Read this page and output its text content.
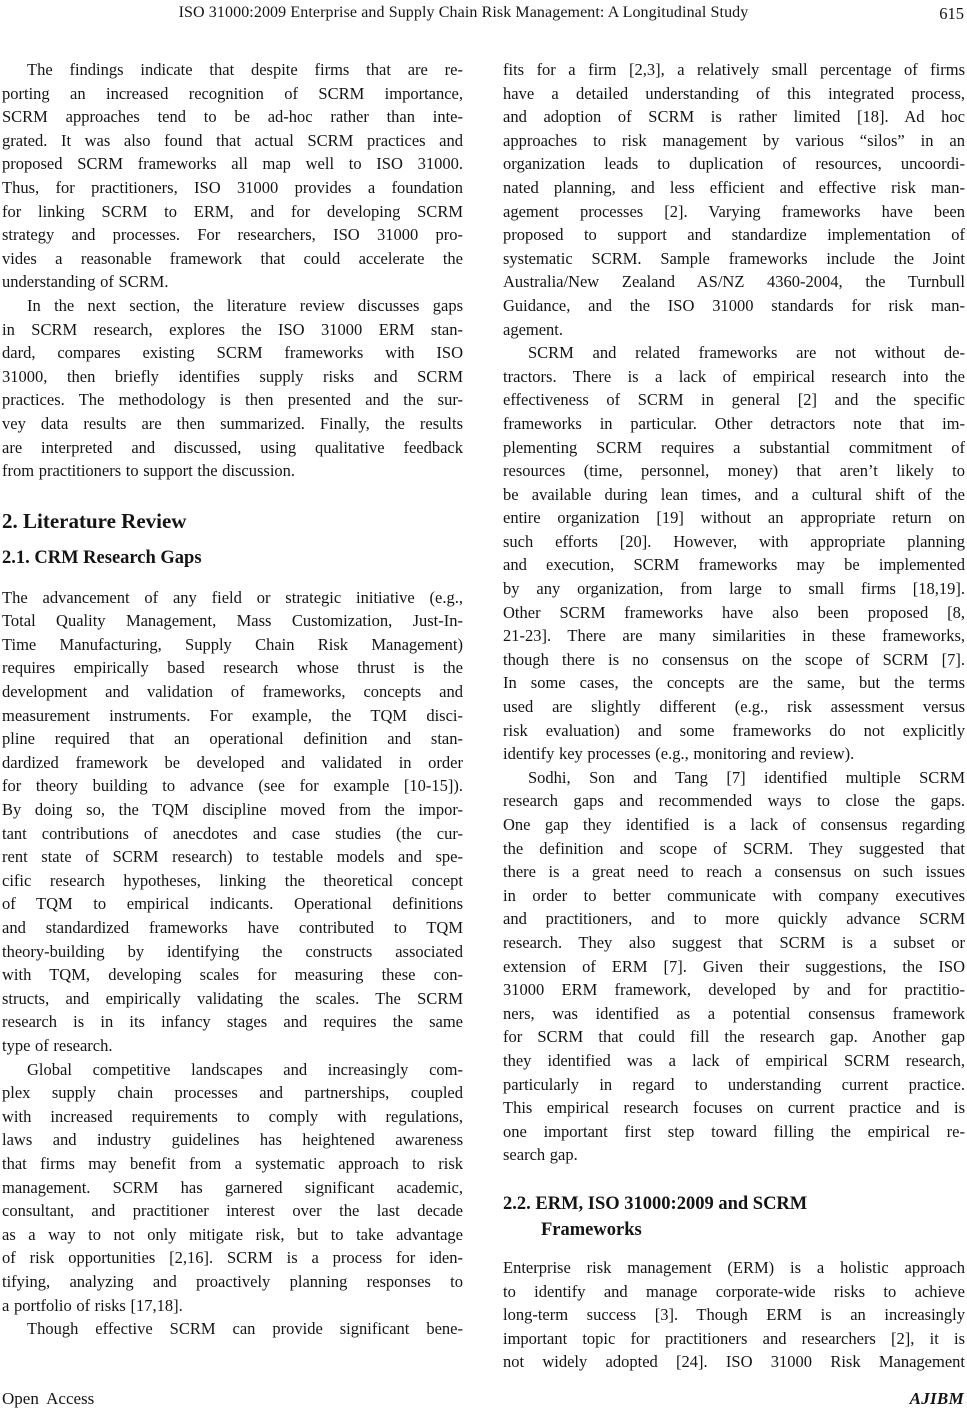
ISO 31000:2009 Enterprise and Supply Chain Risk Management: A Longitudinal Study	615
The findings indicate that despite firms that are re-
porting an increased recognition of SCRM importance,
SCRM approaches tend to be ad-hoc rather than inte-
grated. It was also found that actual SCRM practices and
proposed SCRM frameworks all map well to ISO 31000.
Thus, for practitioners, ISO 31000 provides a foundation
for linking SCRM to ERM, and for developing SCRM
strategy and processes. For researchers, ISO 31000 pro-
vides a reasonable framework that could accelerate the
understanding of SCRM.
In the next section, the literature review discusses gaps
in SCRM research, explores the ISO 31000 ERM stan-
dard, compares existing SCRM frameworks with ISO
31000, then briefly identifies supply risks and SCRM
practices. The methodology is then presented and the sur-
vey data results are then summarized. Finally, the results
are interpreted and discussed, using qualitative feedback
from practitioners to support the discussion.
2. Literature Review
2.1. CRM Research Gaps
The advancement of any field or strategic initiative (e.g.,
Total Quality Management, Mass Customization, Just-In-
Time Manufacturing, Supply Chain Risk Management)
requires empirically based research whose thrust is the
development and validation of frameworks, concepts and
measurement instruments. For example, the TQM disci-
pline required that an operational definition and stan-
dardized framework be developed and validated in order
for theory building to advance (see for example [10-15]).
By doing so, the TQM discipline moved from the impor-
tant contributions of anecdotes and case studies (the cur-
rent state of SCRM research) to testable models and spe-
cific research hypotheses, linking the theoretical concept
of TQM to empirical indicants. Operational definitions
and standardized frameworks have contributed to TQM
theory-building by identifying the constructs associated
with TQM, developing scales for measuring these con-
structs, and empirically validating the scales. The SCRM
research is in its infancy stages and requires the same
type of research.
Global competitive landscapes and increasingly com-
plex supply chain processes and partnerships, coupled
with increased requirements to comply with regulations,
laws and industry guidelines has heightened awareness
that firms may benefit from a systematic approach to risk
management. SCRM has garnered significant academic,
consultant, and practitioner interest over the last decade
as a way to not only mitigate risk, but to take advantage
of risk opportunities [2,16]. SCRM is a process for iden-
tifying, analyzing and proactively planning responses to
a portfolio of risks [17,18].
Though effective SCRM can provide significant bene-
fits for a firm [2,3], a relatively small percentage of firms
have a detailed understanding of this integrated process,
and adoption of SCRM is rather limited [18]. Ad hoc
approaches to risk management by various “silos” in an
organization leads to duplication of resources, uncoordi-
nated planning, and less efficient and effective risk man-
agement processes [2]. Varying frameworks have been
proposed to support and standardize implementation of
systematic SCRM. Sample frameworks include the Joint
Australia/New Zealand AS/NZ 4360-2004, the Turnbull
Guidance, and the ISO 31000 standards for risk man-
agement.
SCRM and related frameworks are not without de-
tractors. There is a lack of empirical research into the
effectiveness of SCRM in general [2] and the specific
frameworks in particular. Other detractors note that im-
plementing SCRM requires a substantial commitment of
resources (time, personnel, money) that aren’t likely to
be available during lean times, and a cultural shift of the
entire organization [19] without an appropriate return on
such efforts [20]. However, with appropriate planning
and execution, SCRM frameworks may be implemented
by any organization, from large to small firms [18,19].
Other SCRM frameworks have also been proposed [8,
21-23]. There are many similarities in these frameworks,
though there is no consensus on the scope of SCRM [7].
In some cases, the concepts are the same, but the terms
used are slightly different (e.g., risk assessment versus
risk evaluation) and some frameworks do not explicitly
identify key processes (e.g., monitoring and review).
Sodhi, Son and Tang [7] identified multiple SCRM
research gaps and recommended ways to close the gaps.
One gap they identified is a lack of consensus regarding
the definition and scope of SCRM. They suggested that
there is a great need to reach a consensus on such issues
in order to better communicate with company executives
and practitioners, and to more quickly advance SCRM
research. They also suggest that SCRM is a subset or
extension of ERM [7]. Given their suggestions, the ISO
31000 ERM framework, developed by and for practitio-
ners, was identified as a potential consensus framework
for SCRM that could fill the research gap. Another gap
they identified was a lack of empirical SCRM research,
particularly in regard to understanding current practice.
This empirical research focuses on current practice and is
one important first step toward filling the empirical re-
search gap.
2.2. ERM, ISO 31000:2009 and SCRM
Frameworks
Enterprise risk management (ERM) is a holistic approach
to identify and manage corporate-wide risks to achieve
long-term success [3]. Though ERM is an increasingly
important topic for practitioners and researchers [2], it is
not widely adopted [24]. ISO 31000 Risk Management
Open Access	AJIBM
